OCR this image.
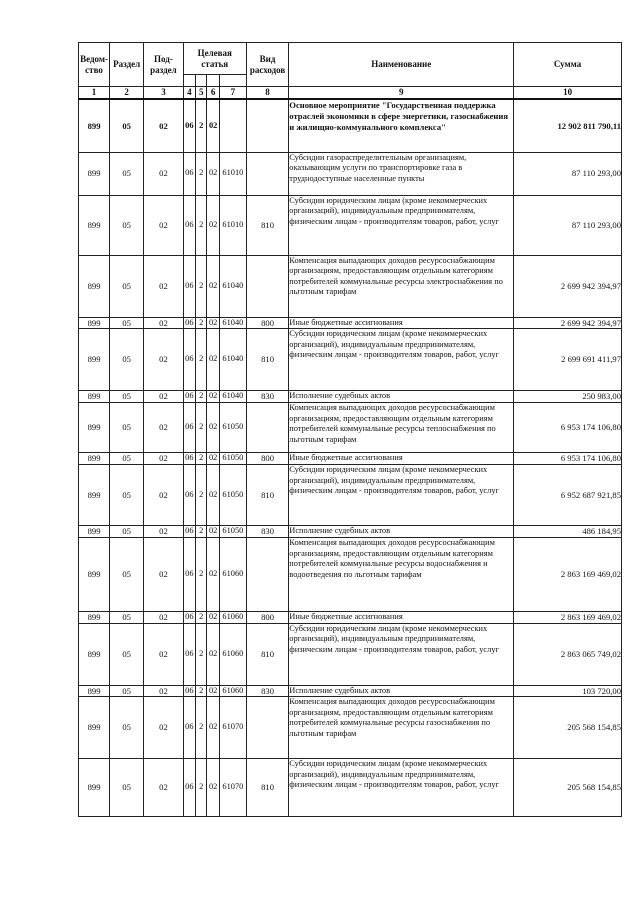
Ведом-ство	Раздел	Под-раздел	Целевая статья				Вид расходов	Наименование	Сумма

1	2	3	4	5	6	7	8	9	10
899	05	02	06	2	02			Основное мероприятие "Государственная поддержка отраслей экономики в сфере энергетики, газоснабжения и жилищно-коммунального комплекса"	12 902 811 790,11
899	05	02	06	2	02	61010		Субсидии газораспределительным организациям, оказывающим услуги по транспортировке газа в труднодоступные населенные пункты	87 110 293,00
899	05	02	06	2	02	61010	810	Субсидии юридическим лицам (кроме некоммерческих организаций), индивидуальным предпринимателям, физическим лицам - производителям товаров, работ, услуг	87 110 293,00
899	05	02	06	2	02	61040		Компенсация выпадающих доходов ресурсоснабжающим организациям, предоставляющим отдельным категориям потребителей коммунальные ресурсы электроснабжения по льготным тарифам	2 699 942 394,97
899	05	02	06	2	02	61040	800	Иные бюджетные ассигнования	2 699 942 394,97
899	05	02	06	2	02	61040	810	Субсидии юридическим лицам (кроме некоммерческих организаций), индивидуальным предпринимателям, физическим лицам - производителям товаров, работ, услуг	2 699 691 411,97
899	05	02	06	2	02	61040	830	Исполнение судебных актов	250 983,00
899	05	02	06	2	02	61050		Компенсация выпадающих доходов ресурсоснабжающим организациям, предоставляющим отдельным категориям потребителей коммунальные ресурсы теплоснабжения по льготным тарифам	6 953 174 106,80
899	05	02	06	2	02	61050	800	Иные бюджетные ассигнования	6 953 174 106,80
899	05	02	06	2	02	61050	810	Субсидии юридическим лицам (кроме некоммерческих организаций), индивидуальным предпринимателям, физическим лицам - производителям товаров, работ, услуг	6 952 687 921,85
899	05	02	06	2	02	61050	830	Исполнение судебных актов	486 184,95
899	05	02	06	2	02	61060		Компенсация выпадающих доходов ресурсоснабжающим организациям, предоставляющим отдельным категориям потребителей коммунальные ресурсы водоснабжения и водоотведения по льготным тарифам	2 863 169 469,02
899	05	02	06	2	02	61060	800	Иные бюджетные ассигнования	2 863 169 469,02
899	05	02	06	2	02	61060	810	Субсидии юридическим лицам (кроме некоммерческих организаций), индивидуальным предпринимателям, физическим лицам - производителям товаров, работ, услуг	2 863 065 749,02
899	05	02	06	2	02	61060	830	Исполнение судебных актов	103 720,00
899	05	02	06	2	02	61070		Компенсация выпадающих доходов ресурсоснабжающим организациям, предоставляющим отдельным категориям потребителей коммунальные ресурсы газоснабжения по льготным тарифам	205 568 154,85
899	05	02	06	2	02	61070	810	Субсидии юридическим лицам (кроме некоммерческих организаций), индивидуальным предпринимателям, физическим лицам - производителям товаров, работ, услуг	205 568 154,85
